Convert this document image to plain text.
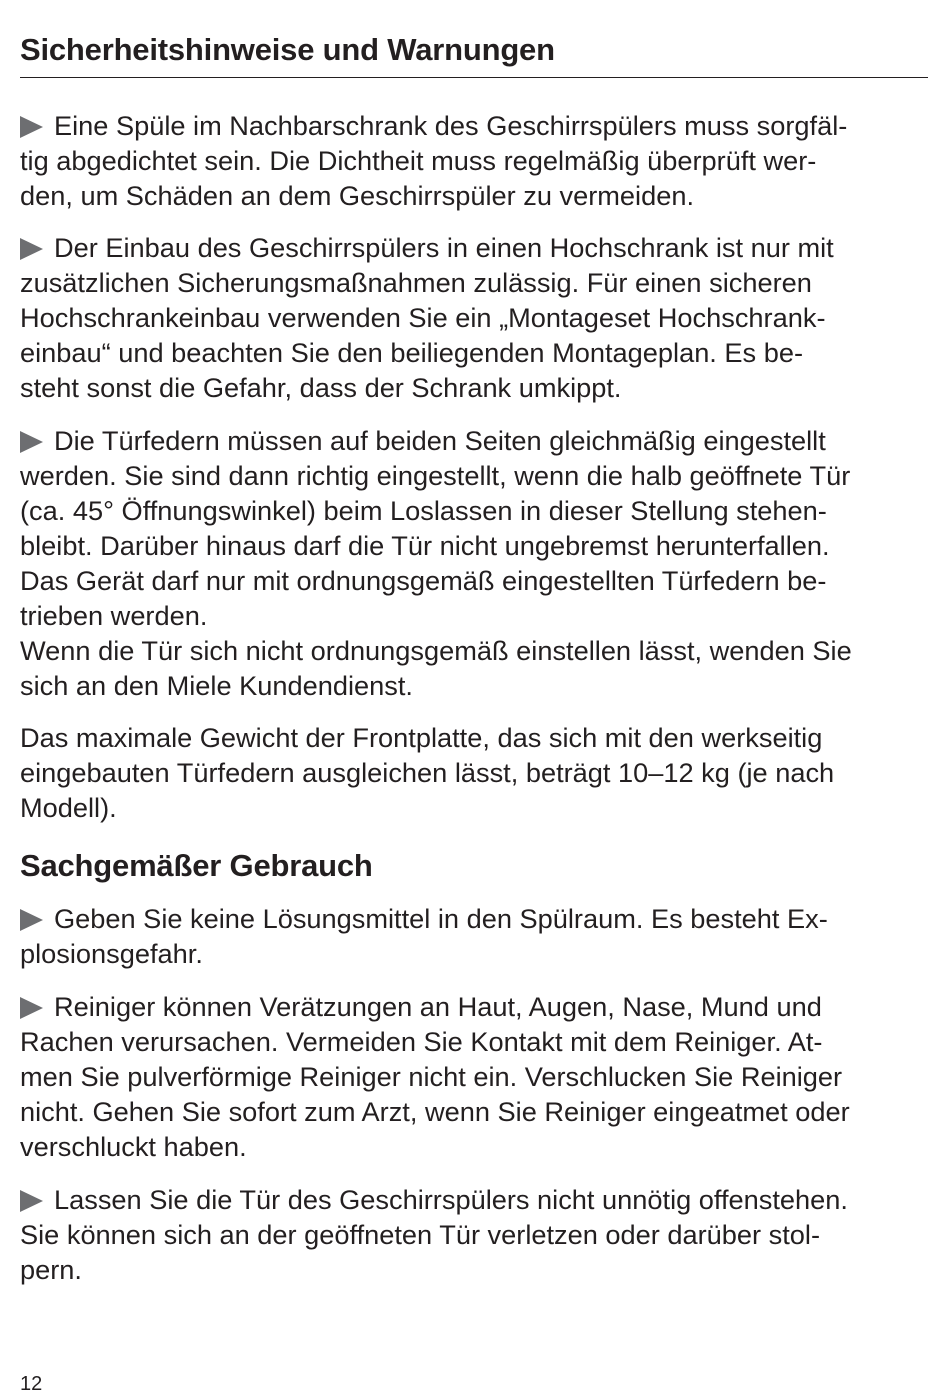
Sicherheitshinweise und Warnungen
Eine Spüle im Nachbarschrank des Geschirrspülers muss sorgfäl-
tig abgedichtet sein. Die Dichtheit muss regelmäßig überprüft wer-
den, um Schäden an dem Geschirrspüler zu vermeiden.
Der Einbau des Geschirrspülers in einen Hochschrank ist nur mit
zusätzlichen Sicherungsmaßnahmen zulässig. Für einen sicheren
Hochschrankeinbau verwenden Sie ein „Montageset Hochschrank-
einbau“ und beachten Sie den beiliegenden Montageplan. Es be-
steht sonst die Gefahr, dass der Schrank umkippt.
Die Türfedern müssen auf beiden Seiten gleichmäßig eingestellt
werden. Sie sind dann richtig eingestellt, wenn die halb geöffnete Tür
(ca. 45° Öffnungswinkel) beim Loslassen in dieser Stellung stehen-
bleibt. Darüber hinaus darf die Tür nicht ungebremst herunterfallen.
Das Gerät darf nur mit ordnungsgemäß eingestellten Türfedern be-
trieben werden.
Wenn die Tür sich nicht ordnungsgemäß einstellen lässt, wenden Sie
sich an den Miele Kundendienst.
Das maximale Gewicht der Frontplatte, das sich mit den werkseitig
eingebauten Türfedern ausgleichen lässt, beträgt 10–12 kg (je nach
Modell).
Sachgemäßer Gebrauch
Geben Sie keine Lösungsmittel in den Spülraum. Es besteht Ex-
plosionsgefahr.
Reiniger können Verätzungen an Haut, Augen, Nase, Mund und
Rachen verursachen. Vermeiden Sie Kontakt mit dem Reiniger. At-
men Sie pulverförmige Reiniger nicht ein. Verschlucken Sie Reiniger
nicht. Gehen Sie sofort zum Arzt, wenn Sie Reiniger eingeatmet oder
verschluckt haben.
Lassen Sie die Tür des Geschirrspülers nicht unnötig offenstehen.
Sie können sich an der geöffneten Tür verletzen oder darüber stol-
pern.
12
